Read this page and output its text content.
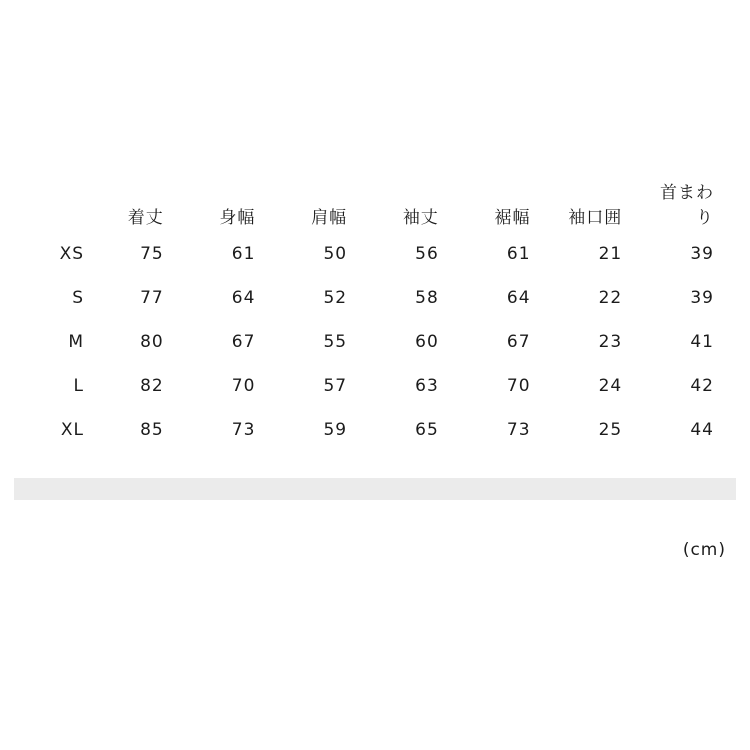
	着丈	身幅	肩幅	袖丈	裾幅	袖口囲	首まわり
XS	75	61	50	56	61	21	39
S	77	64	52	58	64	22	39
M	80	67	55	60	67	23	41
L	82	70	57	63	70	24	42
XL	85	73	59	65	73	25	44
(cm)
